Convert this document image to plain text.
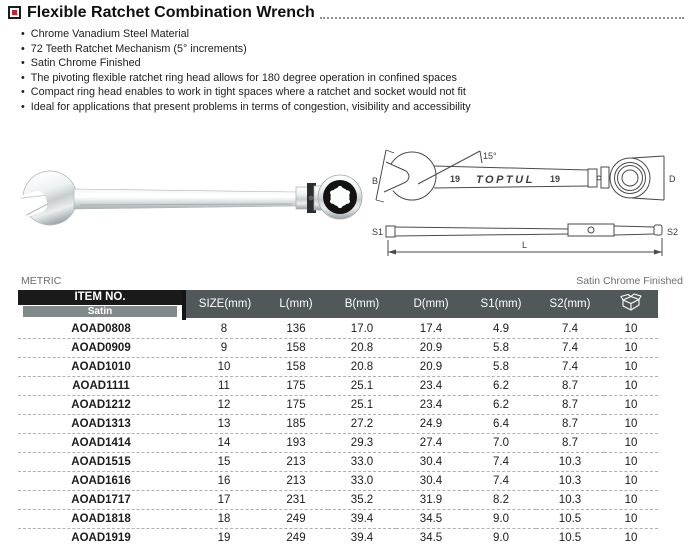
Flexible Ratchet Combination Wrench
• Chrome Vanadium Steel Material
• 72 Teeth Ratchet Mechanism (5° increments)
• Satin Chrome Finished
• The pivoting flexible ratchet ring head allows for 180 degree operation in confined spaces
• Compact ring head enables to work in tight spaces where a ratchet and socket would not fit
• Ideal for applications that present problems in terms of congestion, visibility and accessibility
15°
19 TOPTUL 19
B	D
S1	S2
L
METRIC	Satin Chrome Finished
ITEM NO.
Satin	SIZE(mm)	L(mm)	B(mm)	D(mm)	S1(mm)	S2(mm)	
AOAD0808	8	136	17.0	17.4	4.9	7.4	10
AOAD0909	9	158	20.8	20.9	5.8	7.4	10
AOAD1010	10	158	20.8	20.9	5.8	7.4	10
AOAD1111	11	175	25.1	23.4	6.2	8.7	10
AOAD1212	12	175	25.1	23.4	6.2	8.7	10
AOAD1313	13	185	27.2	24.9	6.4	8.7	10
AOAD1414	14	193	29.3	27.4	7.0	8.7	10
AOAD1515	15	213	33.0	30.4	7.4	10.3	10
AOAD1616	16	213	33.0	30.4	7.4	10.3	10
AOAD1717	17	231	35.2	31.9	8.2	10.3	10
AOAD1818	18	249	39.4	34.5	9.0	10.5	10
AOAD1919	19	249	39.4	34.5	9.0	10.5	10
